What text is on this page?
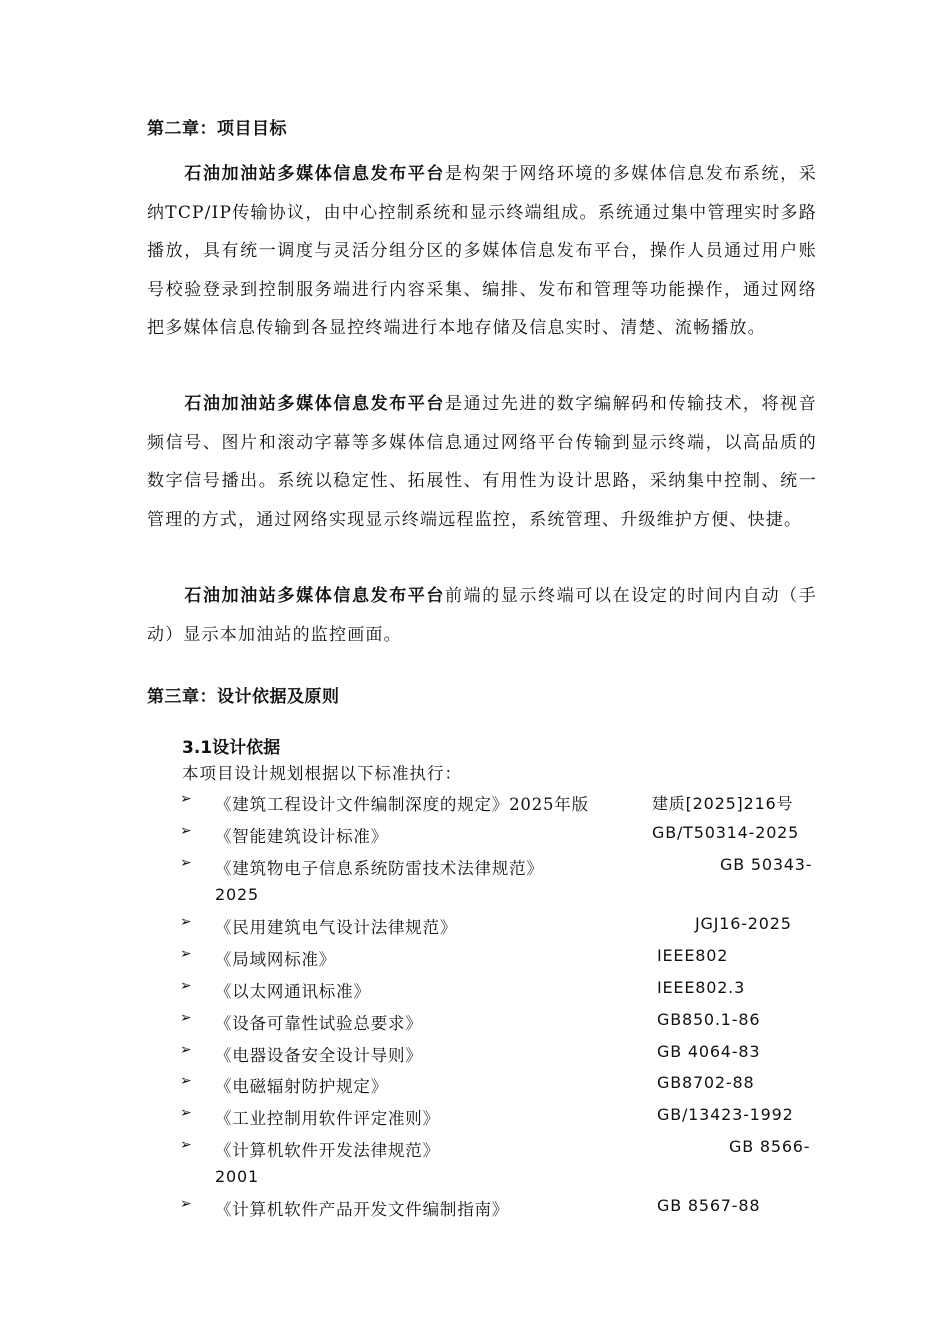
第二章：项目目标

石油加油站多媒体信息发布平台是构架于网络环境的多媒体信息发布系统，采纳TCP/IP传输协议，由中心控制系统和显示终端组成。系统通过集中管理实时多路播放，具有统一调度与灵活分组分区的多媒体信息发布平台，操作人员通过用户账号校验登录到控制服务端进行内容采集、编排、发布和管理等功能操作，通过网络把多媒体信息传输到各显控终端进行本地存储及信息实时、清楚、流畅播放。

石油加油站多媒体信息发布平台是通过先进的数字编解码和传输技术，将视音频信号、图片和滚动字幕等多媒体信息通过网络平台传输到显示终端，以高品质的数字信号播出。系统以稳定性、拓展性、有用性为设计思路，采纳集中控制、统一管理的方式，通过网络实现显示终端远程监控，系统管理、升级维护方便、快捷。

石油加油站多媒体信息发布平台前端的显示终端可以在设定的时间内自动（手动）显示本加油站的监控画面。

第三章：设计依据及原则
3.1设计依据
本项目设计规划根据以下标准执行：
➢ 《建筑工程设计文件编制深度的规定》2025年版	建质[2025]216号
➢ 《智能建筑设计标准》	GB/T50314-2025
➢ 《建筑物电子信息系统防雷技术法律规范》	GB 50343-
2025
➢ 《民用建筑电气设计法律规范》	JGJ16-2025
➢ 《局域网标准》	IEEE802
➢ 《以太网通讯标准》	IEEE802.3
➢ 《设备可靠性试验总要求》	GB850.1-86
➢ 《电器设备安全设计导则》	GB 4064-83
➢ 《电磁辐射防护规定》	GB8702-88
➢ 《工业控制用软件评定准则》	GB/13423-1992
➢ 《计算机软件开发法律规范》	GB 8566-
2001
➢ 《计算机软件产品开发文件编制指南》	GB 8567-88
